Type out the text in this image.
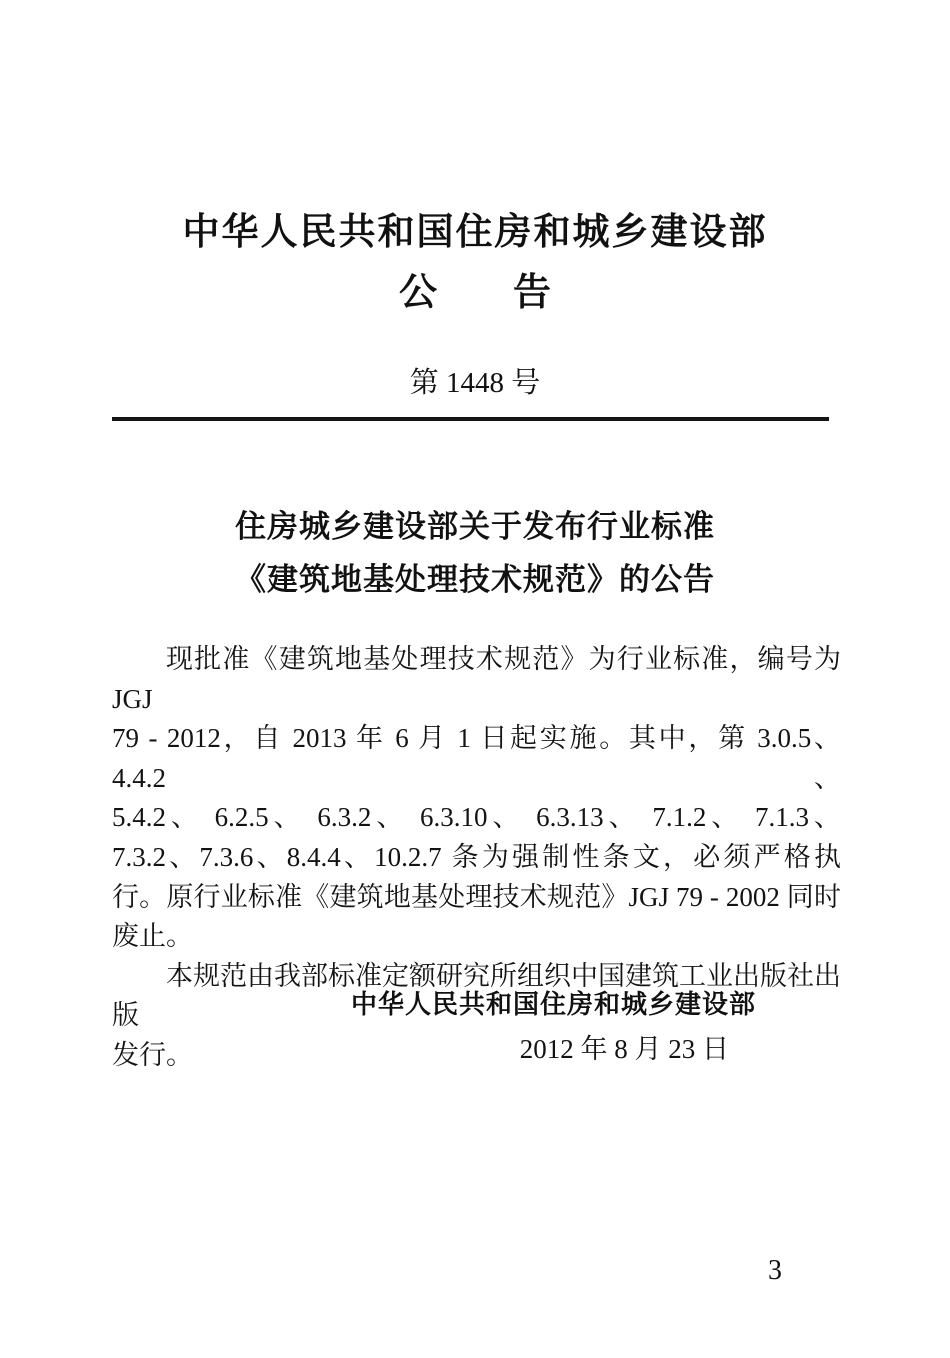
中华人民共和国住房和城乡建设部
公　　告
第 1448 号
住房城乡建设部关于发布行业标准
《建筑地基处理技术规范》的公告
现批准《建筑地基处理技术规范》为行业标准，编号为 JGJ
79 - 2012，自 2013 年 6 月 1 日起实施。其中，第 3.0.5、4.4.2、
5.4.2、 6.2.5、 6.3.2、 6.3.10、 6.3.13、 7.1.2、 7.1.3、
7.3.2、7.3.6、8.4.4、10.2.7 条为强制性条文，必须严格执
行。原行业标准《建筑地基处理技术规范》JGJ 79 - 2002 同时
废止。
本规范由我部标准定额研究所组织中国建筑工业出版社出版
发行。
中华人民共和国住房和城乡建设部
2012 年 8 月 23 日
3
